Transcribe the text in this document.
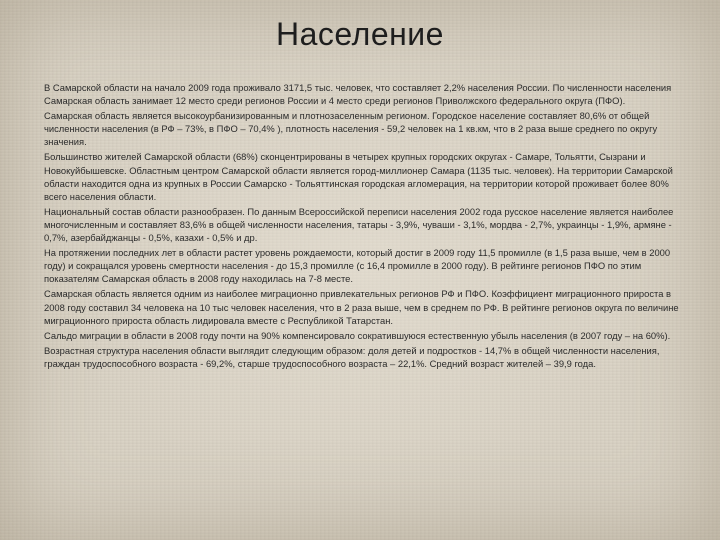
Население

В Самарской области на начало 2009 года проживало 3171,5 тыс. человек, что составляет 2,2% населения России. По численности населения Самарская область занимает 12 место среди регионов России и 4 место среди регионов Приволжского федерального округа (ПФО).

Самарская область является высокоурбанизированным и плотнозаселенным регионом. Городское население составляет 80,6% от общей численности населения (в РФ – 73%, в ПФО – 70,4% ), плотность населения - 59,2 человек на 1 кв.км, что в 2 раза выше среднего по округу значения.

Большинство жителей Самарской области (68%) сконцентрированы в четырех крупных городских округах - Самаре, Тольятти, Сызрани и Новокуйбышевске. Областным центром Самарской области является город-миллионер Самара (1135 тыс. человек). На территории Самарской области находится одна из крупных в России Самарско - Тольяттинская городская агломерация, на территории которой проживает более 80% всего населения области.

Национальный состав области разнообразен. По данным Всероссийской переписи населения 2002 года русское население является наиболее многочисленным и составляет 83,6% в общей численности населения, татары - 3,9%, чуваши - 3,1%, мордва - 2,7%, украинцы - 1,9%, армяне - 0,7%, азербайджанцы - 0,5%, казахи - 0,5% и др.

На протяжении последних лет в области растет уровень рождаемости, который достиг в 2009 году 11,5 промилле (в 1,5 раза выше, чем в 2000 году) и сокращался уровень смертности населения - до 15,3 промилле (с 16,4 промилле в 2000 году). В рейтинге регионов ПФО по этим показателям Самарская область в 2008 году находилась на 7-8 месте.

Самарская область является одним из наиболее миграционно привлекательных регионов РФ и ПФО. Коэффициент миграционного прироста в 2008 году составил 34 человека на 10 тыс человек населения, что в 2 раза выше, чем в среднем по РФ. В рейтинге регионов округа по величине миграционного прироста область лидировала вместе с Республикой Татарстан.

Сальдо миграции в области в 2008 году почти на 90% компенсировало сократившуюся естественную убыль населения (в 2007 году – на 60%).

Возрастная структура населения области выглядит следующим образом: доля детей и подростков - 14,7% в общей численности населения, граждан трудоспособного возраста - 69,2%, старше трудоспособного возраста – 22,1%. Средний возраст жителей – 39,9 года.
